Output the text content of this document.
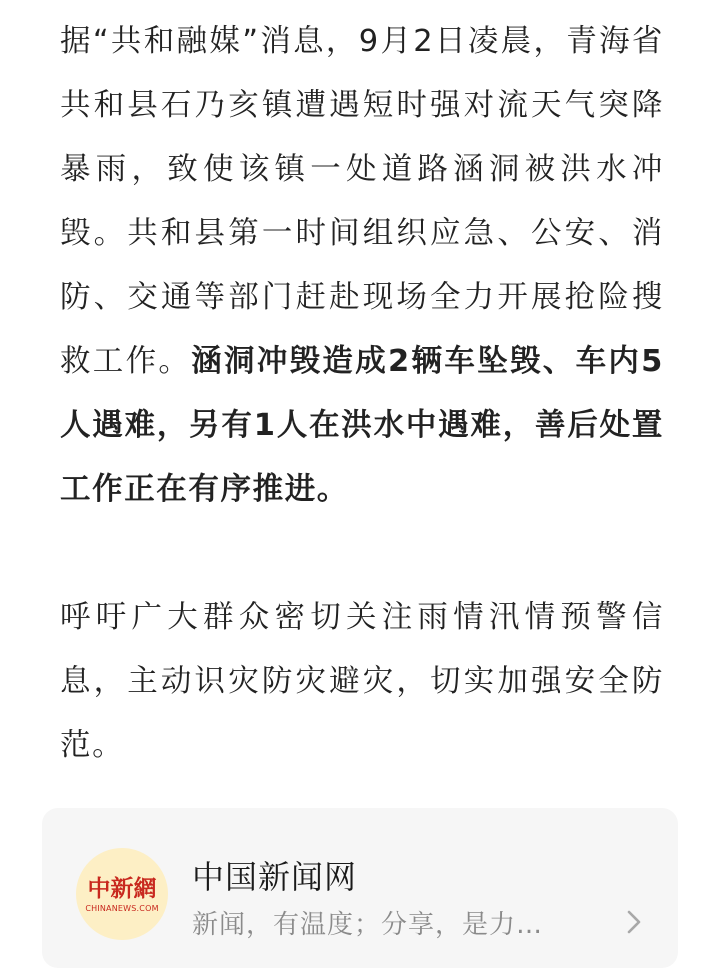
据“共和融媒”消息，9月2日凌晨，青海省共和县石乃亥镇遭遇短时强对流天气突降暴雨，致使该镇一处道路涵洞被洪水冲毁。共和县第一时间组织应急、公安、消防、交通等部门赶赴现场全力开展抢险搜救工作。涵洞冲毁造成2辆车坠毁、车内5人遇难，另有1人在洪水中遇难，善后处置工作正在有序推进。

呼吁广大群众密切关注雨情汛情预警信息，主动识灾防灾避灾，切实加强安全防范。

中新網
CHINANEWS.COM
中国新闻网
新闻，有温度；分享，是力…
